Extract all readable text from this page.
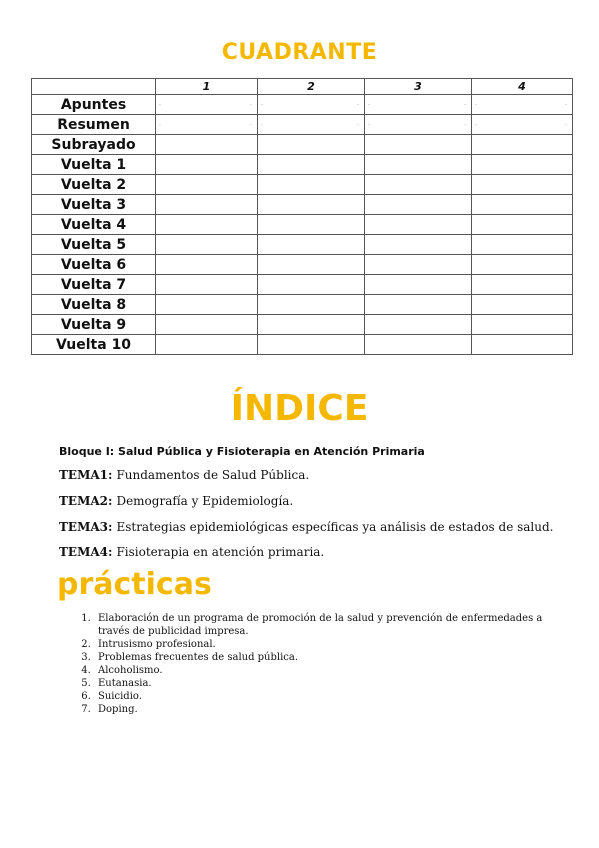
CUADRANTE
	1	2	3	4
Apuntes	. .	. .	. .	. .

Resumen	. .	. .	. .	. .

Subrayado				
Vuelta 1				
Vuelta 2				
Vuelta 3				
Vuelta 4				
Vuelta 5				
Vuelta 6				
Vuelta 7				
Vuelta 8				
Vuelta 9				
Vuelta 10				
ÍNDICE
Bloque I: Salud Pública y Fisioterapia en Atención Primaria
TEMA1: Fundamentos de Salud Pública.
TEMA2: Demografía y Epidemiología.
TEMA3: Estrategias epidemiológicas específicas ya análisis de estados de salud.
TEMA4: Fisioterapia en atención primaria.
prácticas
1. Elaboración de un programa de promoción de la salud y prevención de enfermedades a través de publicidad impresa.
2. Intrusismo profesional.
3. Problemas frecuentes de salud pública.
4. Alcoholismo.
5. Eutanasia.
6. Suicidio.
7. Doping.
